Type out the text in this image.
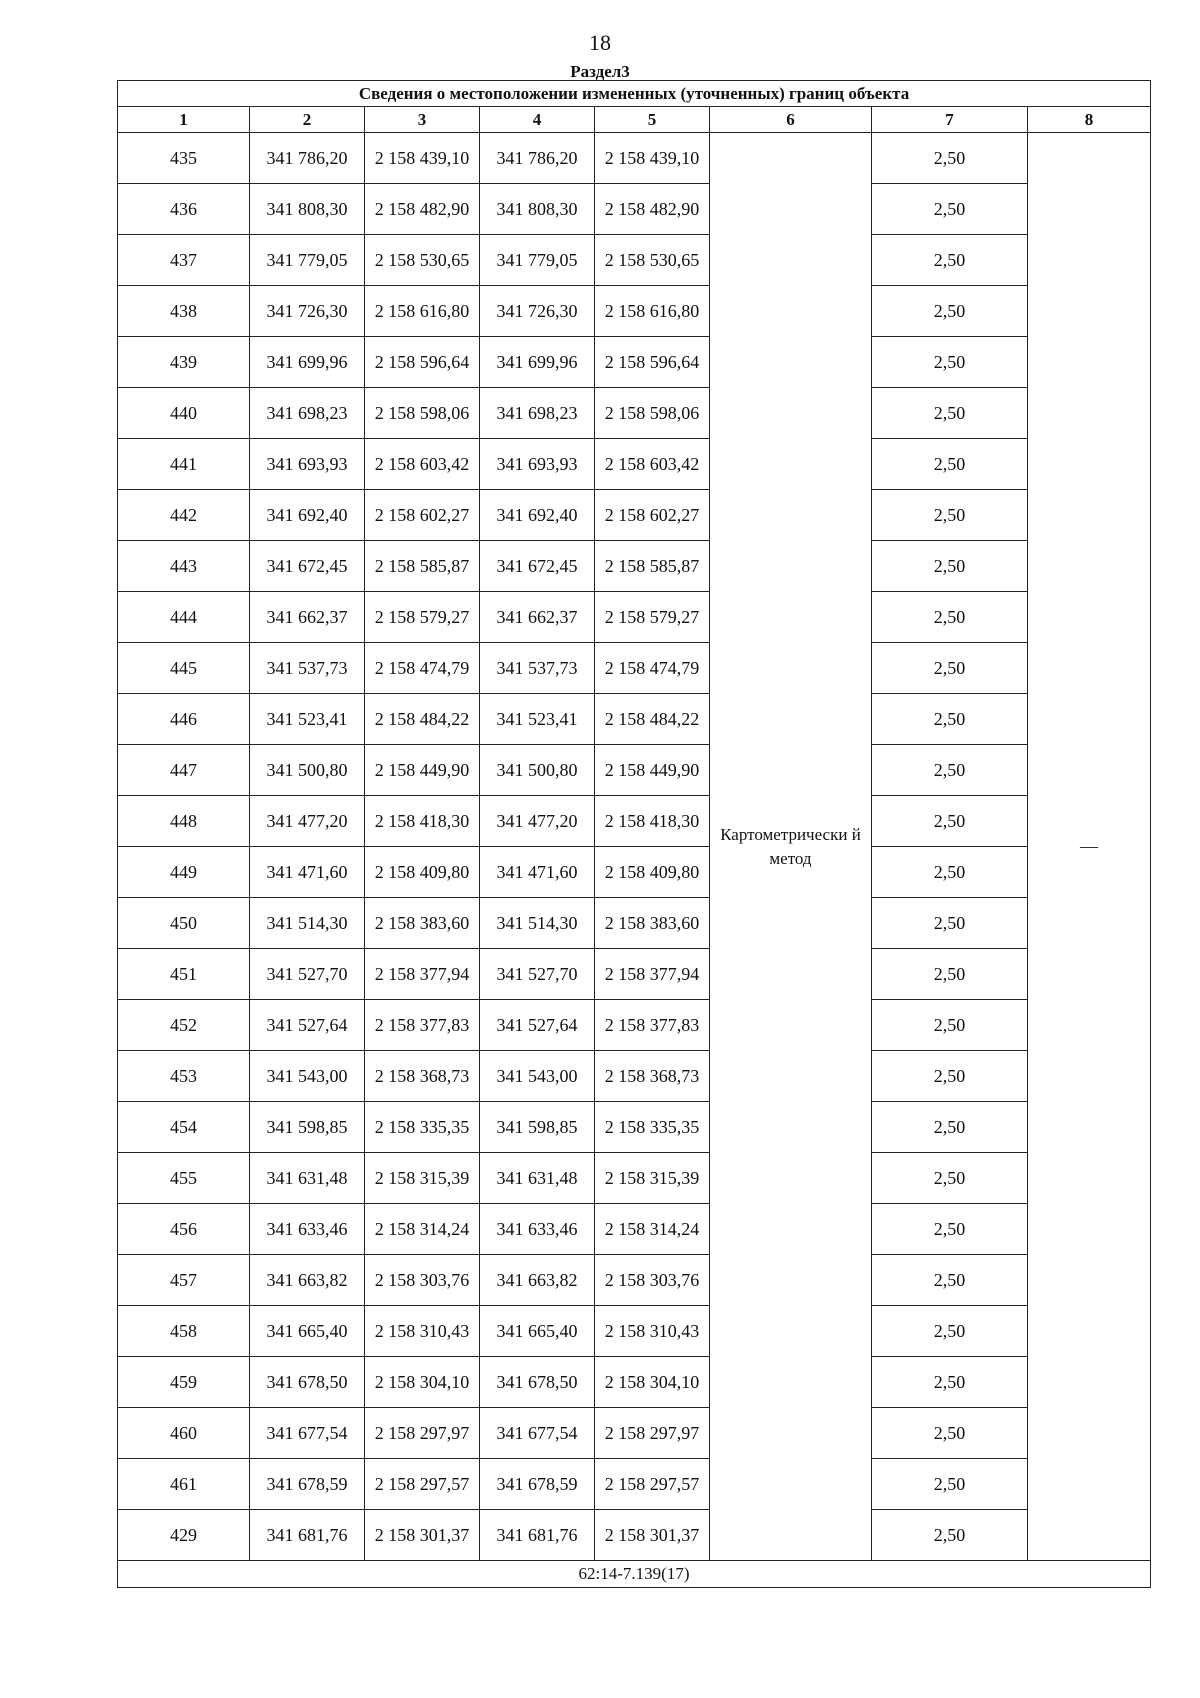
18
Раздел3
Сведения о местоположении измененных (уточненных) границ объекта							
1	2	3	4	5	6	7	8
435	341 786,20	2 158 439,10	341 786,20	2 158 439,10	Картометрически й метод	2,50	—
436	341 808,30	2 158 482,90	341 808,30	2 158 482,90		2,50	
437	341 779,05	2 158 530,65	341 779,05	2 158 530,65		2,50	
438	341 726,30	2 158 616,80	341 726,30	2 158 616,80		2,50	
439	341 699,96	2 158 596,64	341 699,96	2 158 596,64		2,50	
440	341 698,23	2 158 598,06	341 698,23	2 158 598,06		2,50	
441	341 693,93	2 158 603,42	341 693,93	2 158 603,42		2,50	
442	341 692,40	2 158 602,27	341 692,40	2 158 602,27		2,50	
443	341 672,45	2 158 585,87	341 672,45	2 158 585,87		2,50	
444	341 662,37	2 158 579,27	341 662,37	2 158 579,27		2,50	
445	341 537,73	2 158 474,79	341 537,73	2 158 474,79		2,50	
446	341 523,41	2 158 484,22	341 523,41	2 158 484,22		2,50	
447	341 500,80	2 158 449,90	341 500,80	2 158 449,90		2,50	
448	341 477,20	2 158 418,30	341 477,20	2 158 418,30		2,50	
449	341 471,60	2 158 409,80	341 471,60	2 158 409,80		2,50	
450	341 514,30	2 158 383,60	341 514,30	2 158 383,60		2,50	
451	341 527,70	2 158 377,94	341 527,70	2 158 377,94		2,50	
452	341 527,64	2 158 377,83	341 527,64	2 158 377,83		2,50	
453	341 543,00	2 158 368,73	341 543,00	2 158 368,73		2,50	
454	341 598,85	2 158 335,35	341 598,85	2 158 335,35		2,50	
455	341 631,48	2 158 315,39	341 631,48	2 158 315,39		2,50	
456	341 633,46	2 158 314,24	341 633,46	2 158 314,24		2,50	
457	341 663,82	2 158 303,76	341 663,82	2 158 303,76		2,50	
458	341 665,40	2 158 310,43	341 665,40	2 158 310,43		2,50	
459	341 678,50	2 158 304,10	341 678,50	2 158 304,10		2,50	
460	341 677,54	2 158 297,97	341 677,54	2 158 297,97		2,50	
461	341 678,59	2 158 297,57	341 678,59	2 158 297,57		2,50	
429	341 681,76	2 158 301,37	341 681,76	2 158 301,37		2,50	
62:14-7.139(17)							
